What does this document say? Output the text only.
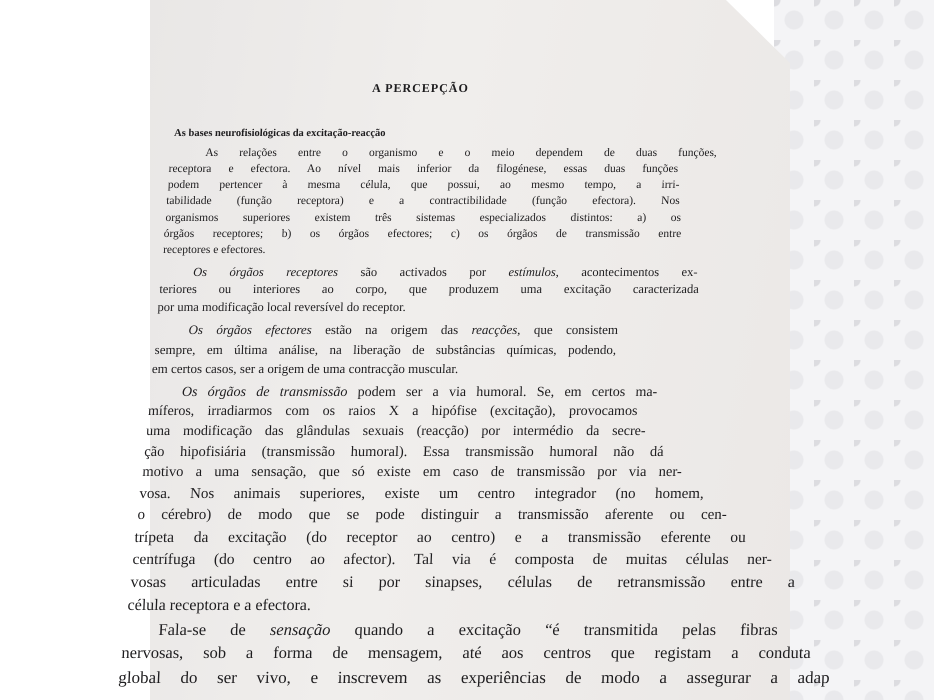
A PERCEPÇÃO
As bases neurofisiológicas da excitação-reacção
As relações entre o organismo e o meio dependem de duas funções,
receptora e efectora. Ao nível mais inferior da filogénese, essas duas funções
podem pertencer à mesma célula, que possui, ao mesmo tempo, a irri-
tabilidade (função receptora) e a contractibilidade (função efectora). Nos
organismos superiores existem três sistemas especializados distintos: a) os
órgãos receptores; b) os órgãos efectores; c) os órgãos de transmissão entre
receptores e efectores.
Os órgãos receptores são activados por estímulos, acontecimentos ex-
teriores ou interiores ao corpo, que produzem uma excitação caracterizada
por uma modificação local reversível do receptor.
Os órgãos efectores estão na origem das reacções, que consistem
sempre, em última análise, na liberação de substâncias químicas, podendo,
em certos casos, ser a origem de uma contracção muscular.
Os órgãos de transmissão podem ser a via humoral. Se, em certos ma-
míferos, irradiarmos com os raios X a hipófise (excitação), provocamos
uma modificação das glândulas sexuais (reacção) por intermédio da secre-
ção hipofisiária (transmissão humoral). Essa transmissão humoral não dá
motivo a uma sensação, que só existe em caso de transmissão por via ner-
vosa. Nos animais superiores, existe um centro integrador (no homem,
o cérebro) de modo que se pode distinguir a transmissão aferente ou cen-
trípeta da excitação (do receptor ao centro) e a transmissão eferente ou
centrífuga (do centro ao afector). Tal via é composta de muitas células ner-
vosas articuladas entre si por sinapses, células de retransmissão entre a
célula receptora e a efectora.
Fala-se de sensação quando a excitação “é transmitida pelas fibras
nervosas, sob a forma de mensagem, até aos centros que registam a conduta
global do ser vivo, e inscrevem as experiências de modo a assegurar a adap
OLX
